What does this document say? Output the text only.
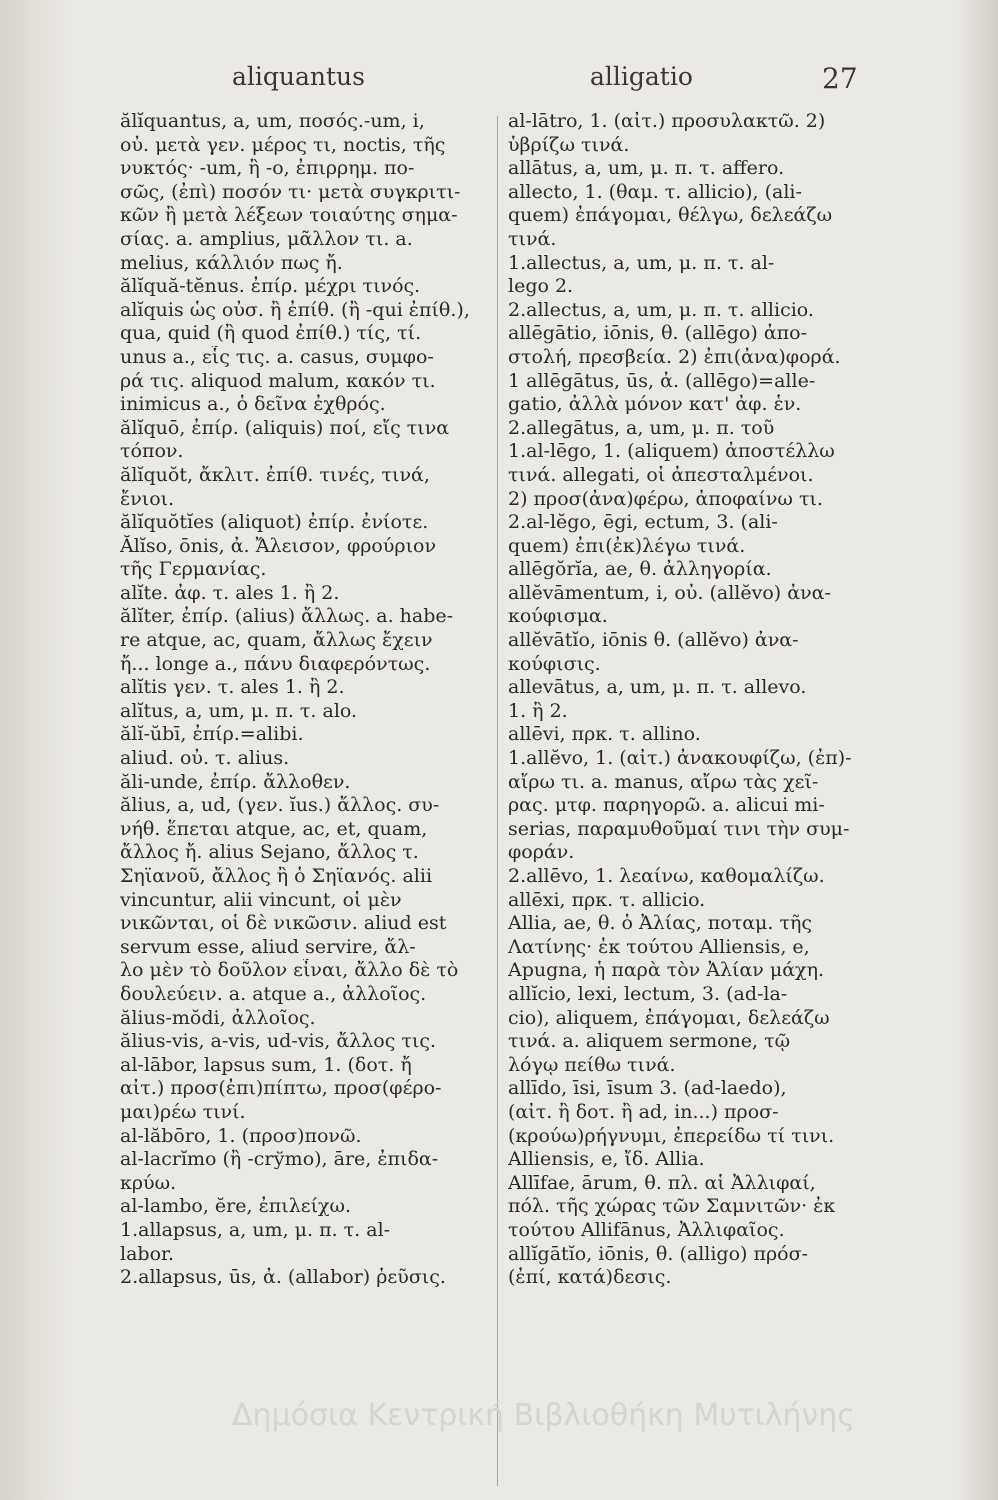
aliquantus	alligatio	27
ălĭquantus, a, um, ποσός.-um, i,
οὐ. μετὰ γεν. μέρος τι, noctis, τῆς
νυκτός· -um, ἢ -o, ἐπιρρημ. πο-
σῶς, (ἐπὶ) ποσόν τι· μετὰ συγκριτι-
κῶν ἢ μετὰ λέξεων τοιαύτης σημα-
σίας. a. amplius, μᾶλλον τι. a.
melius, κάλλιόν πως ἤ.
ălĭquă-tĕnus. ἐπίρ. μέχρι τινός.
alĭquis ὡς οὐσ. ἢ ἐπίθ. (ἢ -qui ἐπίθ.),
qua, quid (ἢ quod ἐπίθ.) τίς, τί.
unus a., εἷς τις. a. casus, συμφο-
ρά τις. aliquod malum, κακόν τι.
inimicus a., ὁ δεῖνα ἐχθρός.
ălĭquō, ἐπίρ. (aliquis) ποί, εἴς τινα
τόπον.
ălĭquŏt, ἄκλιτ. ἐπίθ. τινές, τινά,
ἔνιοι.
ălĭquŏtĭes (aliquot) ἐπίρ. ἐνίοτε.
Ălĭso, ōnis, ἀ. Ἄλεισον, φρούριον
τῆς Γερμανίας.
alĭte. ἀφ. τ. ales 1. ἢ 2.
ălĭter, ἐπίρ. (alius) ἄλλως. a. habe-
re atque, ac, quam, ἄλλως ἔχειν
ἤ... longe a., πάνυ διαφερόντως.
alĭtis γεν. τ. ales 1. ἢ 2.
alĭtus, a, um, μ. π. τ. alo.
ălĭ-ŭbī, ἐπίρ.=alibi.
aliud. οὐ. τ. alius.
ăli-unde, ἐπίρ. ἄλλοθεν.
ălius, a, ud, (γεν. ĭus.) ἄλλος. συ-
νήθ. ἕπεται atque, ac, et, quam,
ἄλλος ἤ. alius Sejano, ἄλλος τ.
Σηϊανοῦ, ἄλλος ἢ ὁ Σηϊανός. alii
vincuntur, alii vincunt, οἱ μὲν
νικῶνται, οἱ δὲ νικῶσιν. aliud est
servum esse, aliud servire, ἄλ-
λο μὲν τὸ δοῦλον εἶναι, ἄλλο δὲ τὸ
δουλεύειν. a. atque a., ἀλλοῖος.
ălius-mŏdi, ἀλλοῖος.
ălius-vis, a-vis, ud-vis, ἄλλος τις.
al-lābor, lapsus sum, 1. (δοτ. ἤ
αἰτ.) προσ(ἐπι)πίπτω, προσ(φέρο-
μαι)ρέω τινί.
al-lăbōro, 1. (προσ)πονῶ.
al-lacrĭmo (ἢ -crўmo), āre, ἐπιδα-
κρύω.
al-lambo, ĕre, ἐπιλείχω.
1.allapsus, a, um, μ. π. τ. al-
labor.
2.allapsus, ūs, ἀ. (allabor) ῥεῦσις.
al-lātro, 1. (αἰτ.) προσυλακτῶ. 2)
ὑβρίζω τινά.
allātus, a, um, μ. π. τ. affero.
allecto, 1. (θαμ. τ. allicio), (ali-
quem) ἐπάγομαι, θέλγω, δελεάζω
τινά.
1.allectus, a, um, μ. π. τ. al-
lego 2.
2.allectus, a, um, μ. π. τ. allicio.
allēgātio, iōnis, θ. (allēgo) ἀπο-
στολή, πρεσβεία. 2) ἐπι(ἀνα)φορά.
1 allēgātus, ūs, ἀ. (allēgo)=alle-
gatio, ἀλλὰ μόνον κατ' ἀφ. ἑν.
2.allegātus, a, um, μ. π. τοῦ
1.al-lēgo, 1. (aliquem) ἀποστέλλω
τινά. allegati, οἱ ἀπεσταλμένοι.
2) προσ(ἀνα)φέρω, ἀποφαίνω τι.
2.al-lĕgo, ēgi, ectum, 3. (ali-
quem) ἐπι(ἐκ)λέγω τινά.
allēgŏrĭa, ae, θ. ἀλληγορία.
allĕvāmentum, i, οὐ. (allĕvo) ἀνα-
κούφισμα.
allĕvātĭo, iōnis θ. (allĕvo) ἀνα-
κούφισις.
allevātus, a, um, μ. π. τ. allevo.
1. ἢ 2.
allēvi, πρκ. τ. allino.
1.allĕvo, 1. (αἰτ.) ἀνακουφίζω, (ἐπ)-
αἴρω τι. a. manus, αἴρω τὰς χεῖ-
ρας. μτφ. παρηγορῶ. a. alicui mi-
serias, παραμυθοῦμαί τινι τὴν συμ-
φοράν.
2.allēvo, 1. λεαίνω, καθομαλίζω.
allēxi, πρκ. τ. allicio.
Allia, ae, θ. ὁ Ἀλίας, ποταμ. τῆς
Λατίνης· ἐκ τούτου Alliensis, e,
Apugna, ἡ παρὰ τὸν Ἀλίαν μάχη.
allĭcio, lexi, lectum, 3. (ad-la-
cio), aliquem, ἐπάγομαι, δελεάζω
τινά. a. aliquem sermone, τῷ
λόγῳ πείθω τινά.
allīdo, īsi, īsum 3. (ad-laedo),
(αἰτ. ἢ δοτ. ἢ ad, in...) προσ-
(κρούω)ρήγνυμι, ἐπερείδω τί τινι.
Alliensis, e, ἴδ. Allia.
Allīfae, ārum, θ. πλ. αἱ Ἀλλιφαί,
πόλ. τῆς χώρας τῶν Σαμνιτῶν· ἐκ
τούτου Allifānus, Ἀλλιφαῖος.
allĭgātĭo, iōnis, θ. (alligo) πρόσ-
(ἐπί, κατά)δεσις.
Δημόσια Κεντρική Βιβλιοθήκη Μυτιλήνης
